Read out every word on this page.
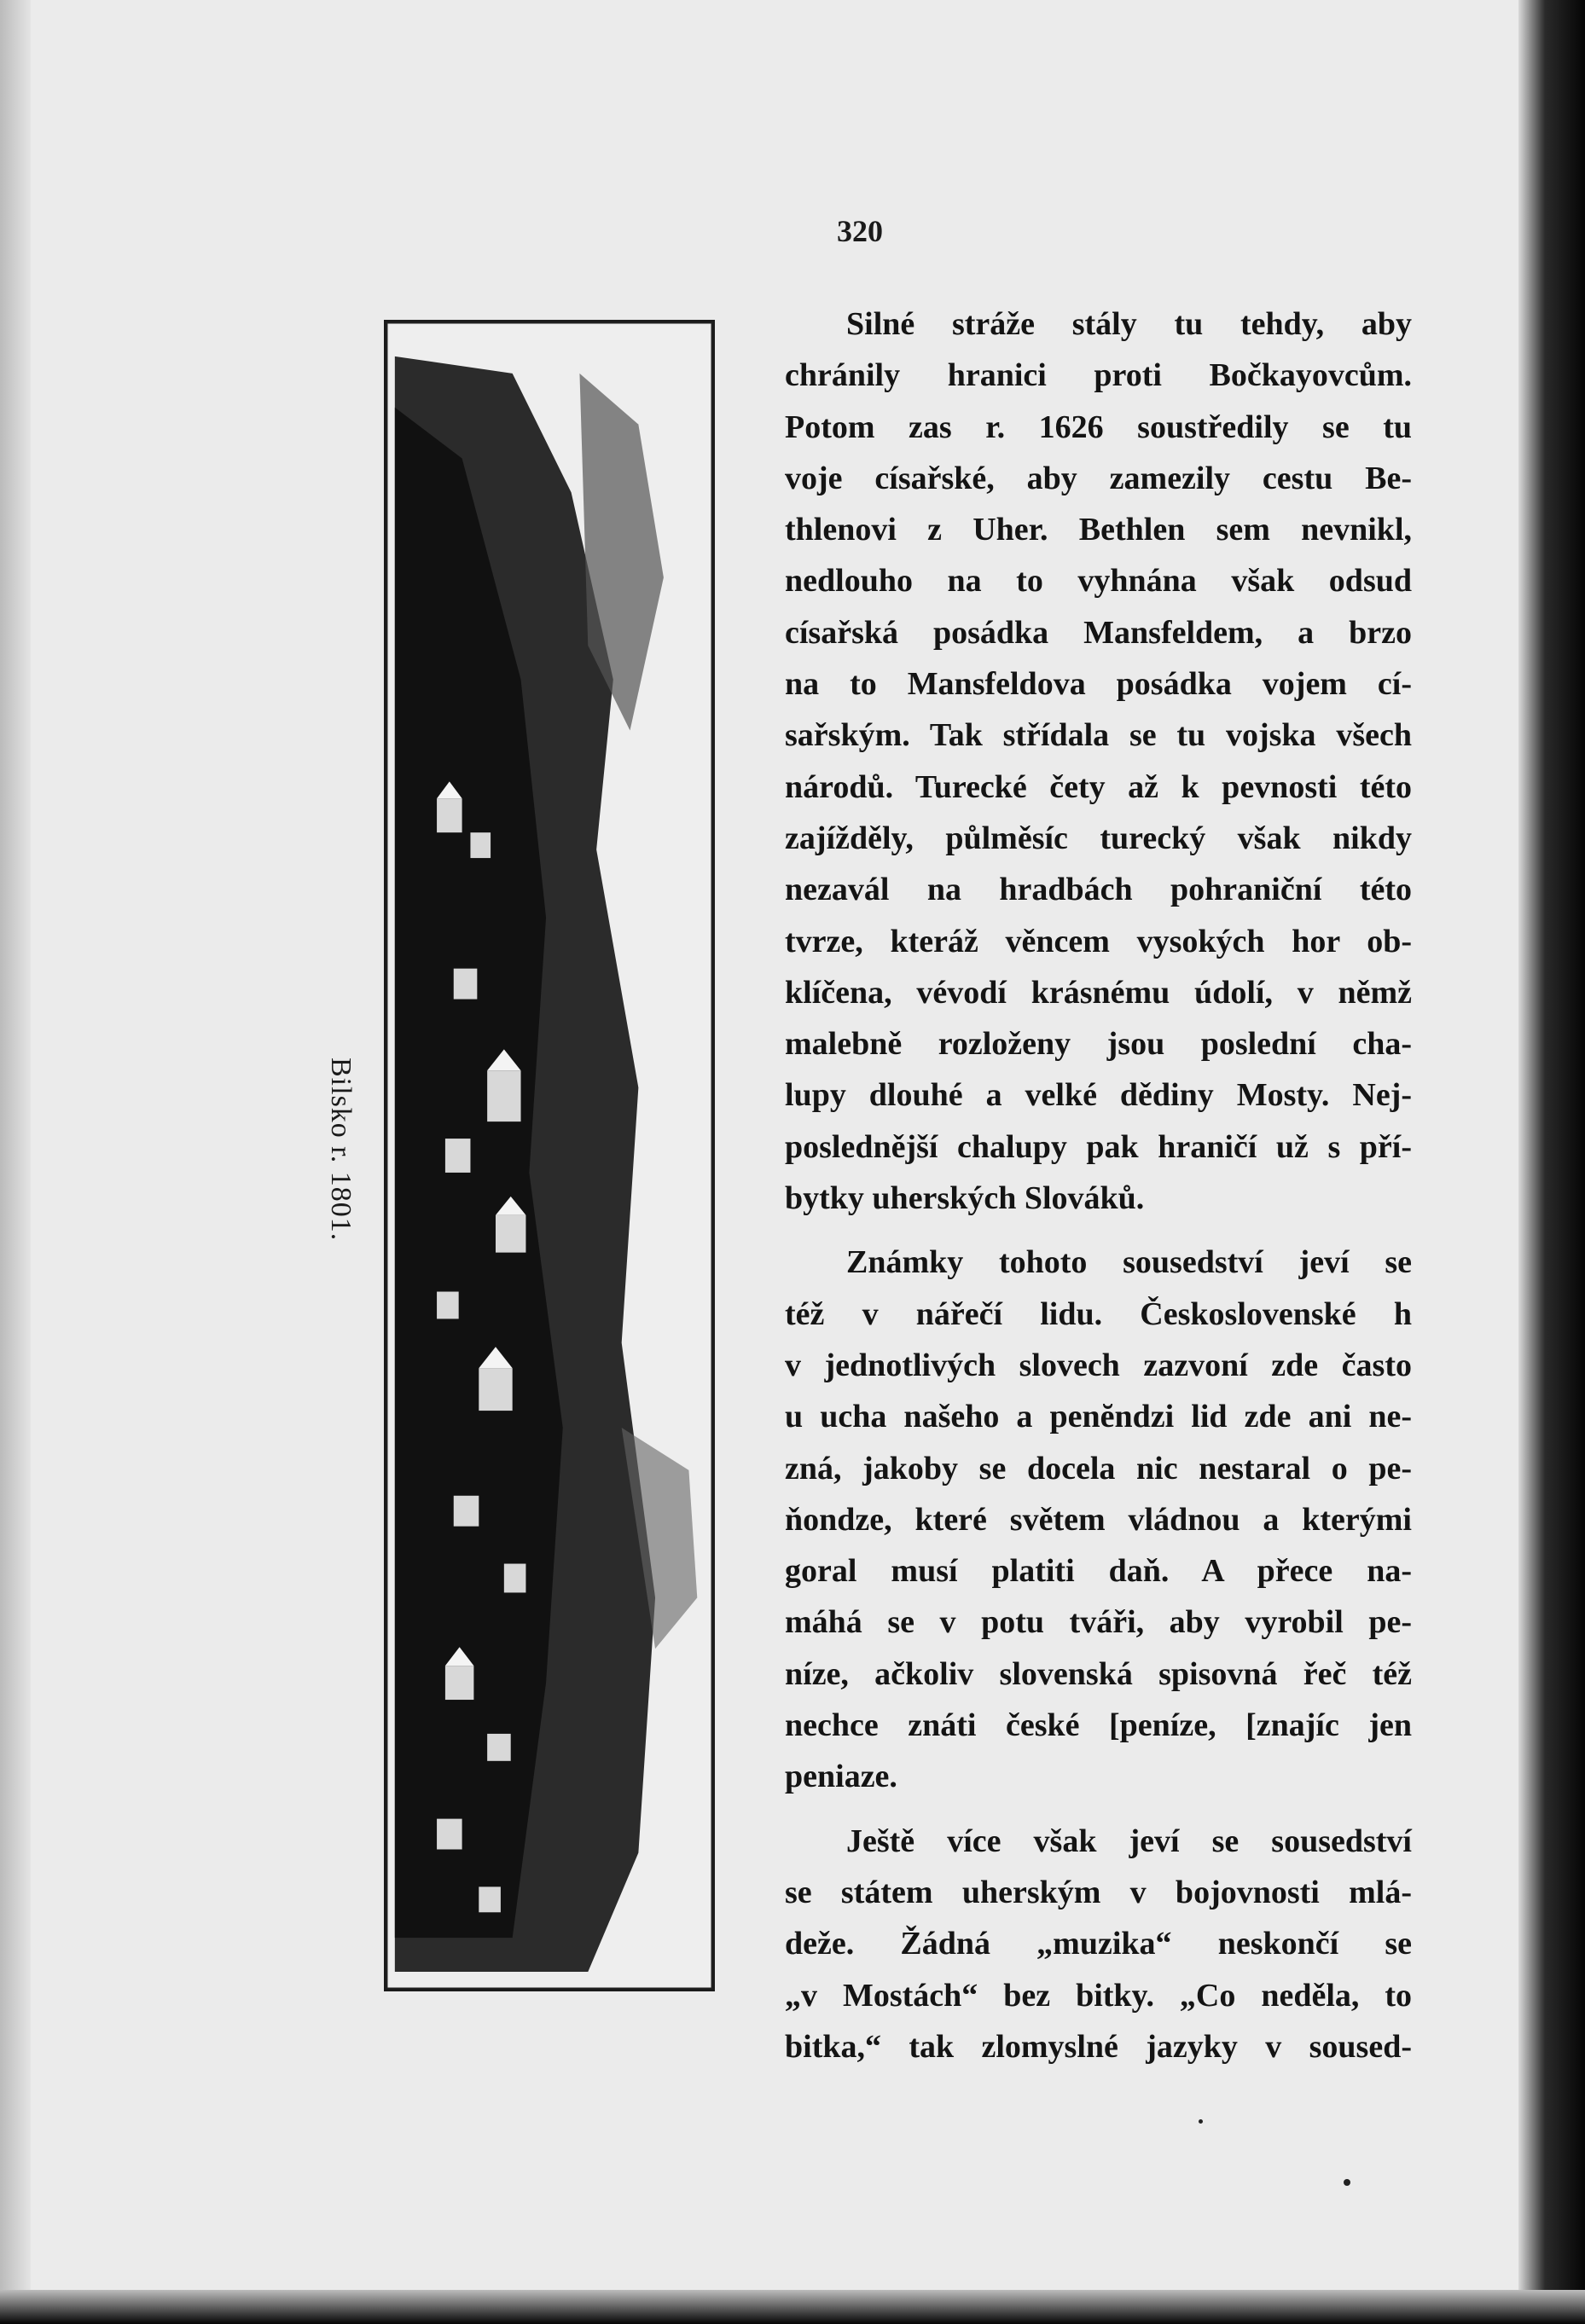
320
Bilsko r. 1801.

Silné stráže stály tu tehdy, aby
chránily hranici proti Bočkayovcům.
Potom zas r. 1626 soustředily se tu
voje císařské, aby zamezily cestu Be-
thlenovi z Uher. Bethlen sem nevnikl,
nedlouho na to vyhnána však odsud
císařská posádka Mansfeldem, a brzo
na to Mansfeldova posádka vojem cí-
sařským. Tak střídala se tu vojska všech
národů. Turecké čety až k pevnosti této
zajížděly, půlměsíc turecký však nikdy
nezavál na hradbách pohraniční této
tvrze, kteráž věncem vysokých hor ob-
klíčena, vévodí krásnému údolí, v němž
malebně rozloženy jsou poslední cha-
lupy dlouhé a velké dědiny Mosty. Nej-
poslednější chalupy pak hraničí už s pří-
bytky uherských Slováků.

Známky tohoto sousedství jeví se
též v nářečí lidu. Československé h
v jednotlivých slovech zazvoní zde často
u ucha našeho a penĕndzi lid zde ani ne-
zná, jakoby se docela nic nestaral o pe-
ňondze, které světem vládnou a kterými
goral musí platiti daň. A přece na-
máhá se v potu tváři, aby vyrobil pe-
níze, ačkoliv slovenská spisovná řeč též
nechce znáti české [peníze, [znajíc jen
peniaze.

Ještě více však jeví se sousedství
se státem uherským v bojovnosti mlá-
deže. Žádná „muzika“ neskončí se
„v Mostách“ bez bitky. „Co neděla, to
bitka,“ tak zlomyslné jazyky v soused-
